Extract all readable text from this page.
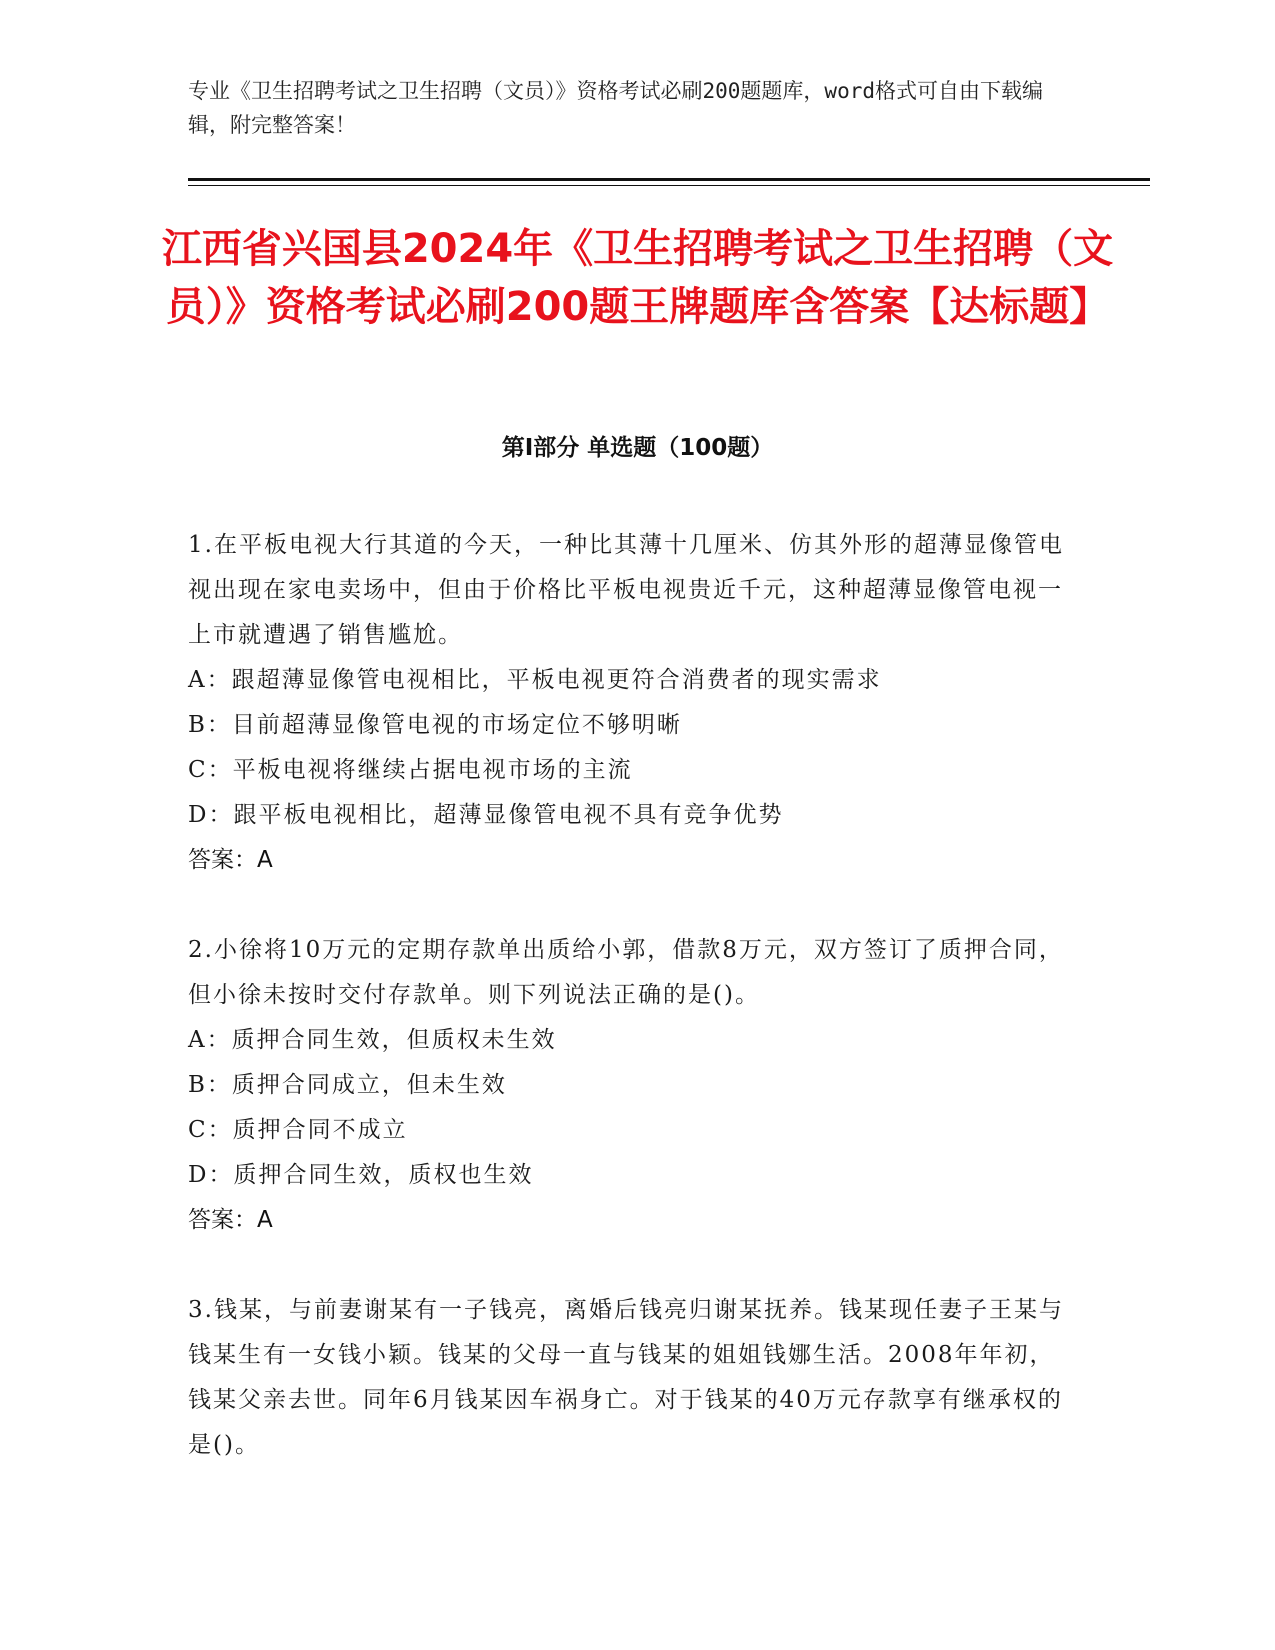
专业《卫生招聘考试之卫生招聘（文员）》资格考试必刷200题题库，word格式可自由下载编辑，附完整答案！
江西省兴国县2024年《卫生招聘考试之卫生招聘（文员）》资格考试必刷200题王牌题库含答案【达标题】
第Ⅰ部分 单选题（100题）

1.在平板电视大行其道的今天，一种比其薄十几厘米、仿其外形的超薄显像管电视出现在家电卖场中，但由于价格比平板电视贵近千元，这种超薄显像管电视一上市就遭遇了销售尴尬。

A：跟超薄显像管电视相比，平板电视更符合消费者的现实需求

B：目前超薄显像管电视的市场定位不够明晰

C：平板电视将继续占据电视市场的主流

D：跟平板电视相比，超薄显像管电视不具有竞争优势

答案：A

2.小徐将10万元的定期存款单出质给小郭，借款8万元，双方签订了质押合同，但小徐未按时交付存款单。则下列说法正确的是()。

A：质押合同生效，但质权未生效

B：质押合同成立，但未生效

C：质押合同不成立

D：质押合同生效，质权也生效

答案：A

3.钱某，与前妻谢某有一子钱亮，离婚后钱亮归谢某抚养。钱某现任妻子王某与钱某生有一女钱小颖。钱某的父母一直与钱某的姐姐钱娜生活。2008年年初，钱某父亲去世。同年6月钱某因车祸身亡。对于钱某的40万元存款享有继承权的是()。
